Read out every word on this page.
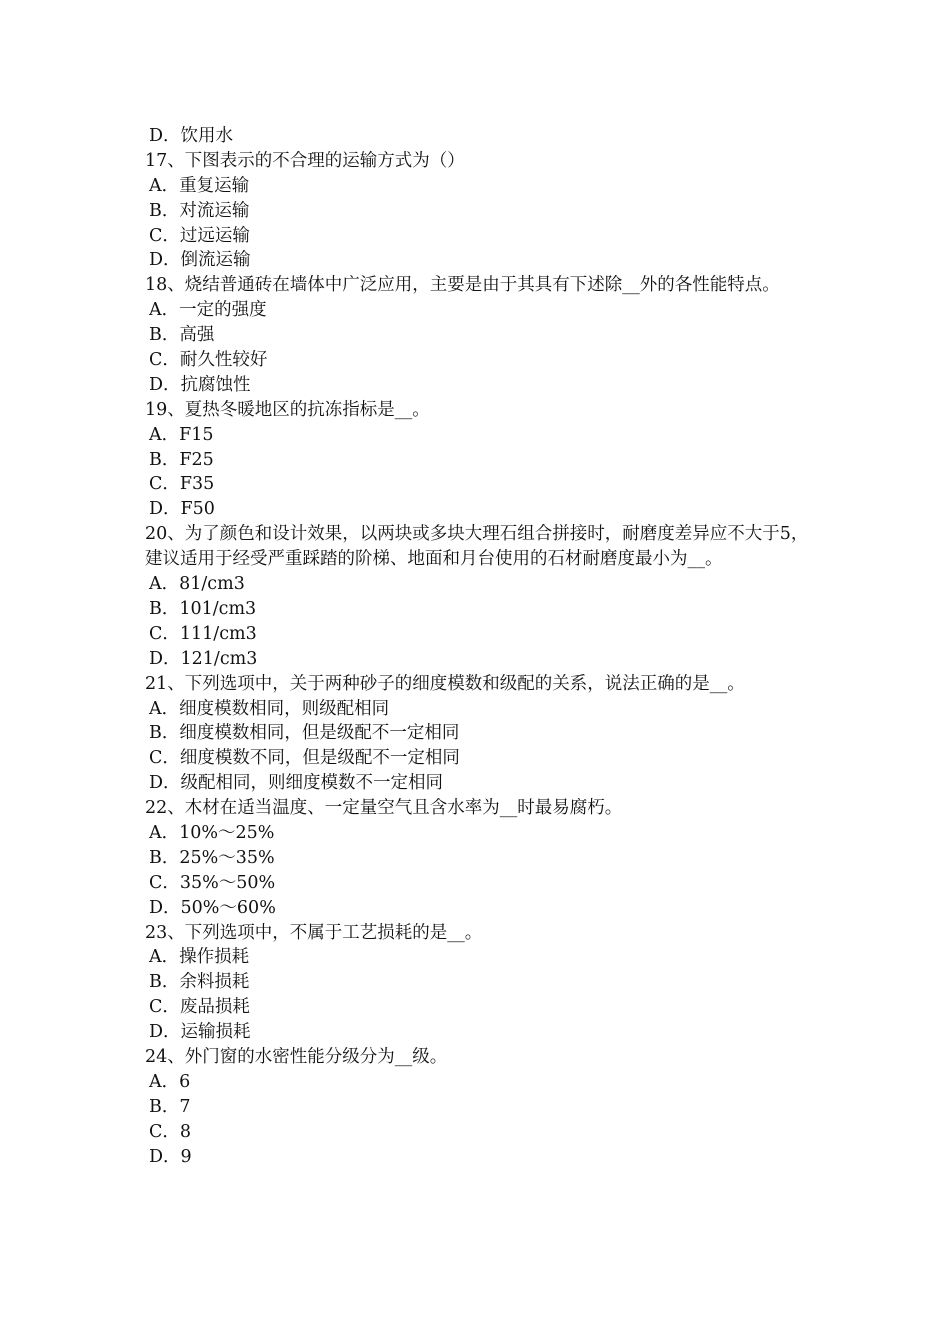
D．饮用水
17、下图表示的不合理的运输方式为（）
A．重复运输
B．对流运输
C．过远运输
D．倒流运输
18、烧结普通砖在墙体中广泛应用，主要是由于其具有下述除__外的各性能特点。
A．一定的强度
B．高强
C．耐久性较好
D．抗腐蚀性
19、夏热冬暖地区的抗冻指标是__。
A．F15
B．F25
C．F35
D．F50
20、为了颜色和设计效果，以两块或多块大理石组合拼接时，耐磨度差异应不大于5，建议适用于经受严重踩踏的阶梯、地面和月台使用的石材耐磨度最小为__。
A．81/cm3
B．101/cm3
C．111/cm3
D．121/cm3
21、下列选项中，关于两种砂子的细度模数和级配的关系，说法正确的是__。
A．细度模数相同，则级配相同
B．细度模数相同，但是级配不一定相同
C．细度模数不同，但是级配不一定相同
D．级配相同，则细度模数不一定相同
22、木材在适当温度、一定量空气且含水率为__时最易腐朽。
A．10%～25%
B．25%～35%
C．35%～50%
D．50%～60%
23、下列选项中，不属于工艺损耗的是__。
A．操作损耗
B．余料损耗
C．废品损耗
D．运输损耗
24、外门窗的水密性能分级分为__级。
A．6
B．7
C．8
D．9
